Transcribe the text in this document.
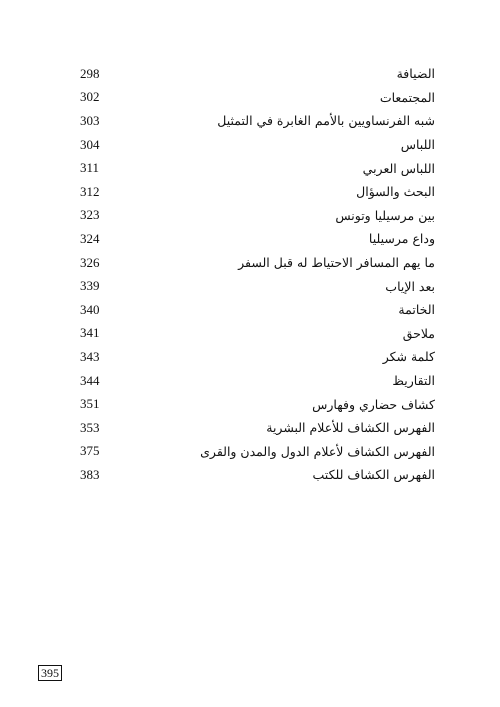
298	الضيافة
302	المجتمعات
303	شبه الفرنساويين بالأمم الغابرة في التمثيل
304	اللباس
311	اللباس العربي
312	البحث والسؤال
323	بين مرسيليا وتونس
324	وداع مرسيليا
326	ما يهم المسافر الاحتياط له قبل السفر
339	بعد الإياب
340	الخاتمة
341	ملاحق
343	كلمة شكر
344	التقاريظ
351	كشاف حضاري وفهارس
353	الفهرس الكشاف للأعلام البشرية
375	الفهرس الكشاف لأعلام الدول والمدن والقرى
383	الفهرس الكشاف للكتب
395
